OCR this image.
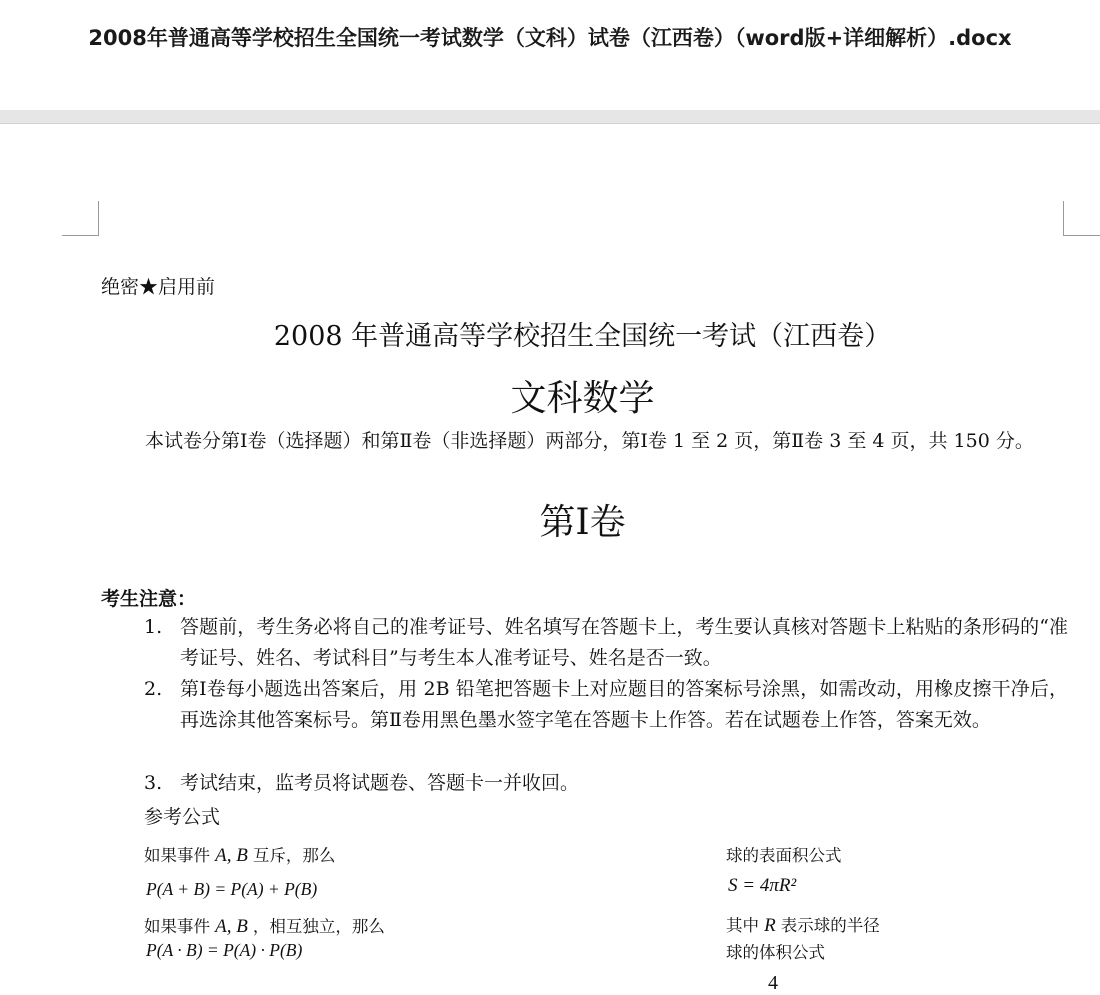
2008年普通高等学校招生全国统一考试数学（文科）试卷（江西卷）（word版+详细解析）.docx
绝密★启用前
2008 年普通高等学校招生全国统一考试（江西卷）
文科数学
本试卷分第Ⅰ卷（选择题）和第Ⅱ卷（非选择题）两部分，第Ⅰ卷 1 至 2 页，第Ⅱ卷 3 至 4 页，共 150 分。
第Ⅰ卷
考生注意：
1. 答题前，考生务必将自己的准考证号、姓名填写在答题卡上，考生要认真核对答题卡上粘贴的条形码的“准考证号、姓名、考试科目”与考生本人准考证号、姓名是否一致。
2. 第Ⅰ卷每小题选出答案后，用 2B 铅笔把答题卡上对应题目的答案标号涂黑，如需改动，用橡皮擦干净后，再选涂其他答案标号。第Ⅱ卷用黑色墨水签字笔在答题卡上作答。若在试题卷上作答，答案无效。
3. 考试结束，监考员将试题卷、答题卡一并收回。
参考公式
如果事件 A, B 互斥，那么
P(A + B) = P(A) + P(B)
如果事件 A, B ，相互独立，那么
P(A · B) = P(A) · P(B)
球的表面积公式
S = 4πR²
其中 R 表示球的半径
球的体积公式
4
